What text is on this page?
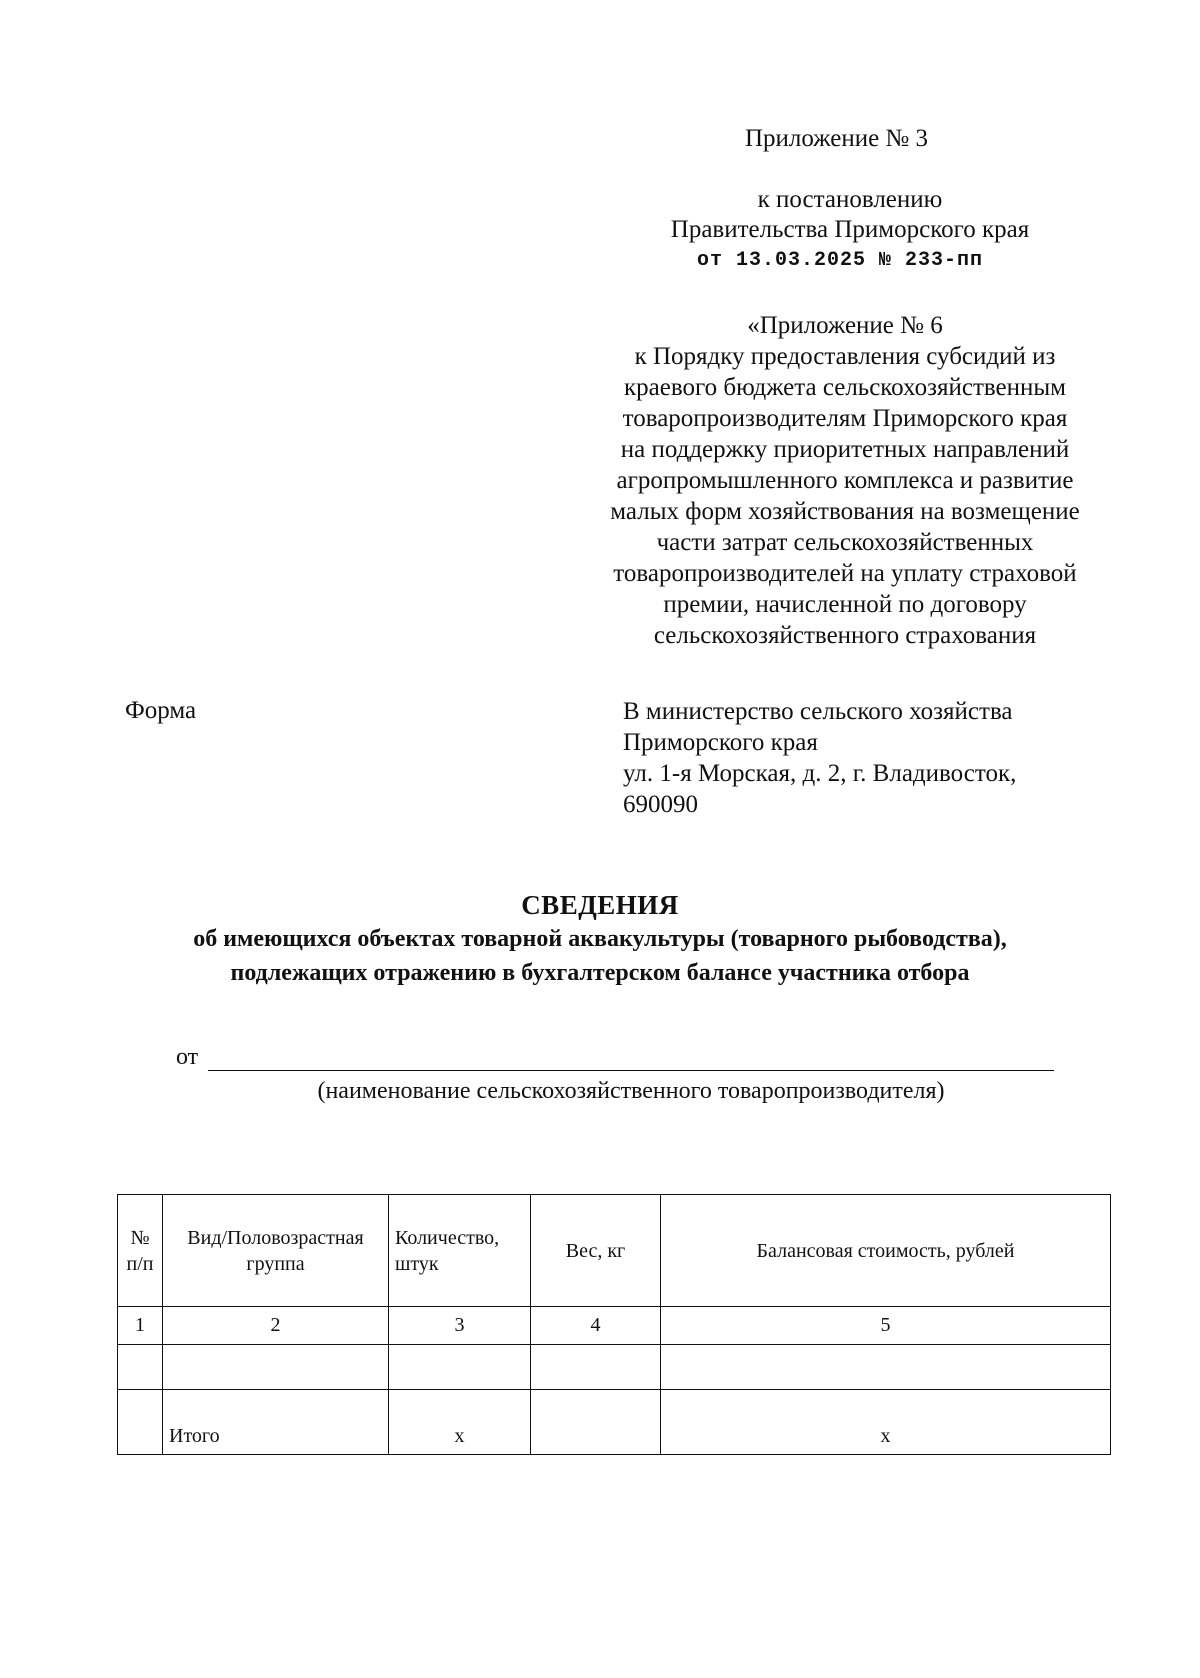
Приложение № 3
к постановлению
Правительства Приморского края
от 13.03.2025 № 233-пп
«Приложение № 6
к Порядку предоставления субсидий из
краевого бюджета сельскохозяйственным
товаропроизводителям Приморского края
на поддержку приоритетных направлений
агропромышленного комплекса и развитие
малых форм хозяйствования на возмещение
части затрат сельскохозяйственных
товаропроизводителей на уплату страховой
премии, начисленной по договору
сельскохозяйственного страхования
Форма	В министерство сельского хозяйства
Приморского края
ул. 1-я Морская, д. 2, г. Владивосток,
690090
СВЕДЕНИЯ
об имеющихся объектах товарной аквакультуры (товарного рыбоводства),
подлежащих отражению в бухгалтерском балансе участника отбора
от
(наименование сельскохозяйственного товаропроизводителя)
№ п/п	Вид/Половозрастная группа	Количество, штук	Вес, кг	Балансовая стоимость, рублей
1	2	3	4	5

	Итого	x		x
